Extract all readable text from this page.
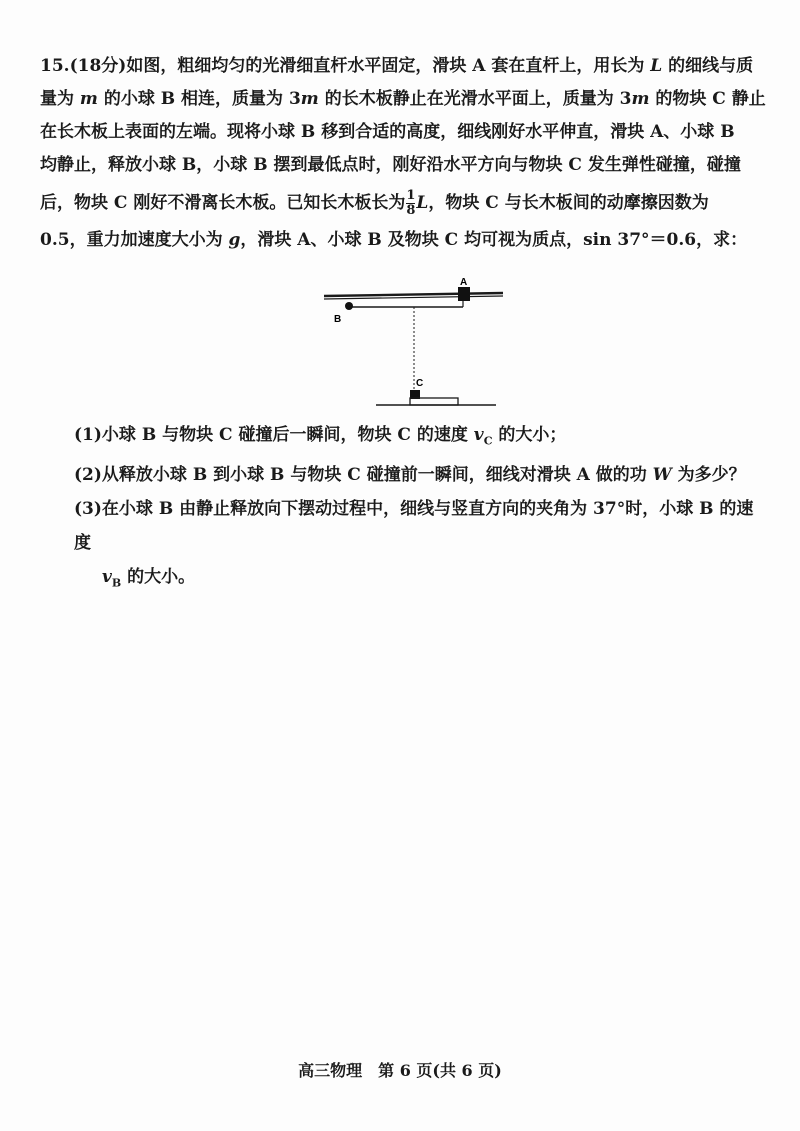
15.(18分)如图，粗细均匀的光滑细直杆水平固定，滑块 A 套在直杆上，用长为 L 的细线与质
量为 m 的小球 B 相连，质量为 3m 的长木板静止在光滑水平面上，质量为 3m 的物块 C 静止
在长木板上表面的左端。现将小球 B 移到合适的高度，细线刚好水平伸直，滑块 A、小球 B
均静止，释放小球 B，小球 B 摆到最低点时，刚好沿水平方向与物块 C 发生弹性碰撞，碰撞
后，物块 C 刚好不滑离长木板。已知长木板长为 $\frac{1}{8}$ L，物块 C 与长木板间的动摩擦因数为
0.5，重力加速度大小为 g，滑块 A、小球 B 及物块 C 均可视为质点，sin 37°＝0.6，求：
A
B
C
(1)小球 B 与物块 C 碰撞后一瞬间，物块 C 的速度 $v_C$ 的大小；
(2)从释放小球 B 到小球 B 与物块 C 碰撞前一瞬间，细线对滑块 A 做的功 W 为多少？
(3)在小球 B 由静止释放向下摆动过程中，细线与竖直方向的夹角为 37°时，小球 B 的速度
$v_B$ 的大小。
高三物理　第 6 页(共 6 页)
